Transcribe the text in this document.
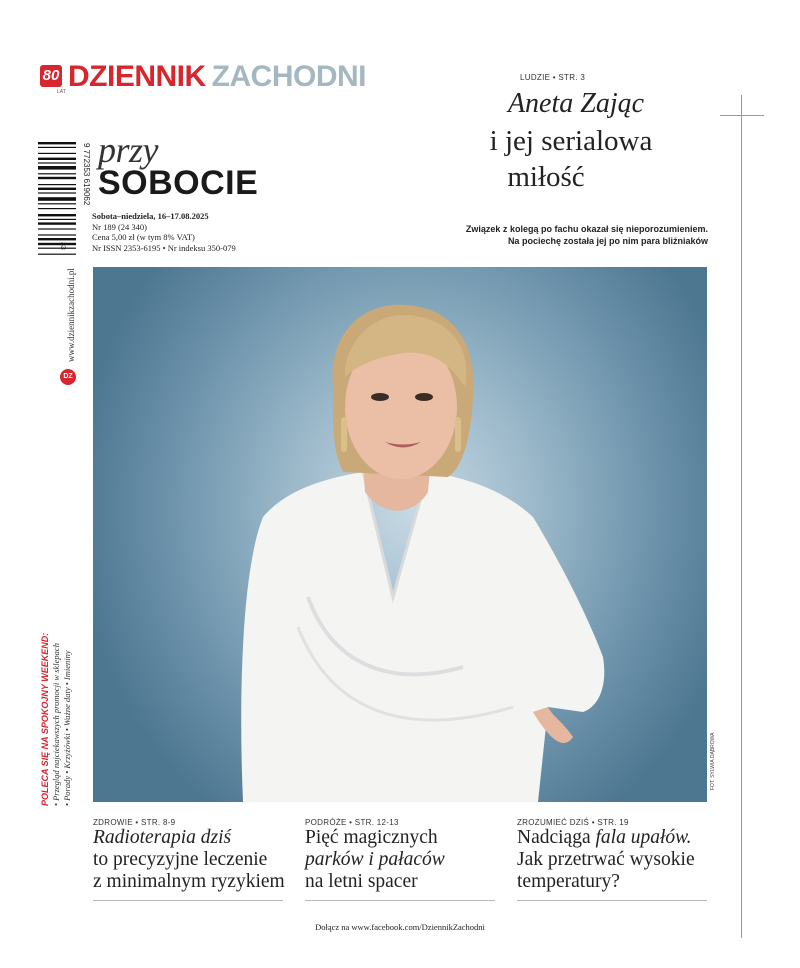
80
LAT DZIENNIK ZACHODNI
9 772353 619062
33
przy
SOBOCIE
Sobota–niedziela, 16–17.08.2025
Nr 189 (24 340)
Cena 5,00 zł (w tym 8% VAT)
Nr ISSN 2353-6195 • Nr indeksu 350-079
LUDZIE • STR. 3
Aneta Zając
i jej serialowa
miłość
Związek z kolegą po fachu okazał się nieporozumieniem.
Na pociechę została jej po nim para bliźniaków
DZ
www.dziennikzachodni.pl
POLECA SIĘ NA SPOKOJNY WEEKEND: • Przegląd najciekawszych promocji w sklepach • Porady • Krzyżówki • Ważne daty • Imieniny	FOT. SYLWIA DĄBROWA
ZDROWIE • STR. 8-9
Radioterapia dziś
to precyzyjne leczenie
z minimalnym ryzykiem
PODRÓŻE • STR. 12-13
Pięć magicznych
parków i pałaców
na letni spacer
ZROZUMIEĆ DZIŚ • STR. 19
Nadciąga fala upałów.
Jak przetrwać wysokie
temperatury?
Dołącz na www.facebook.com/DziennikZachodni
